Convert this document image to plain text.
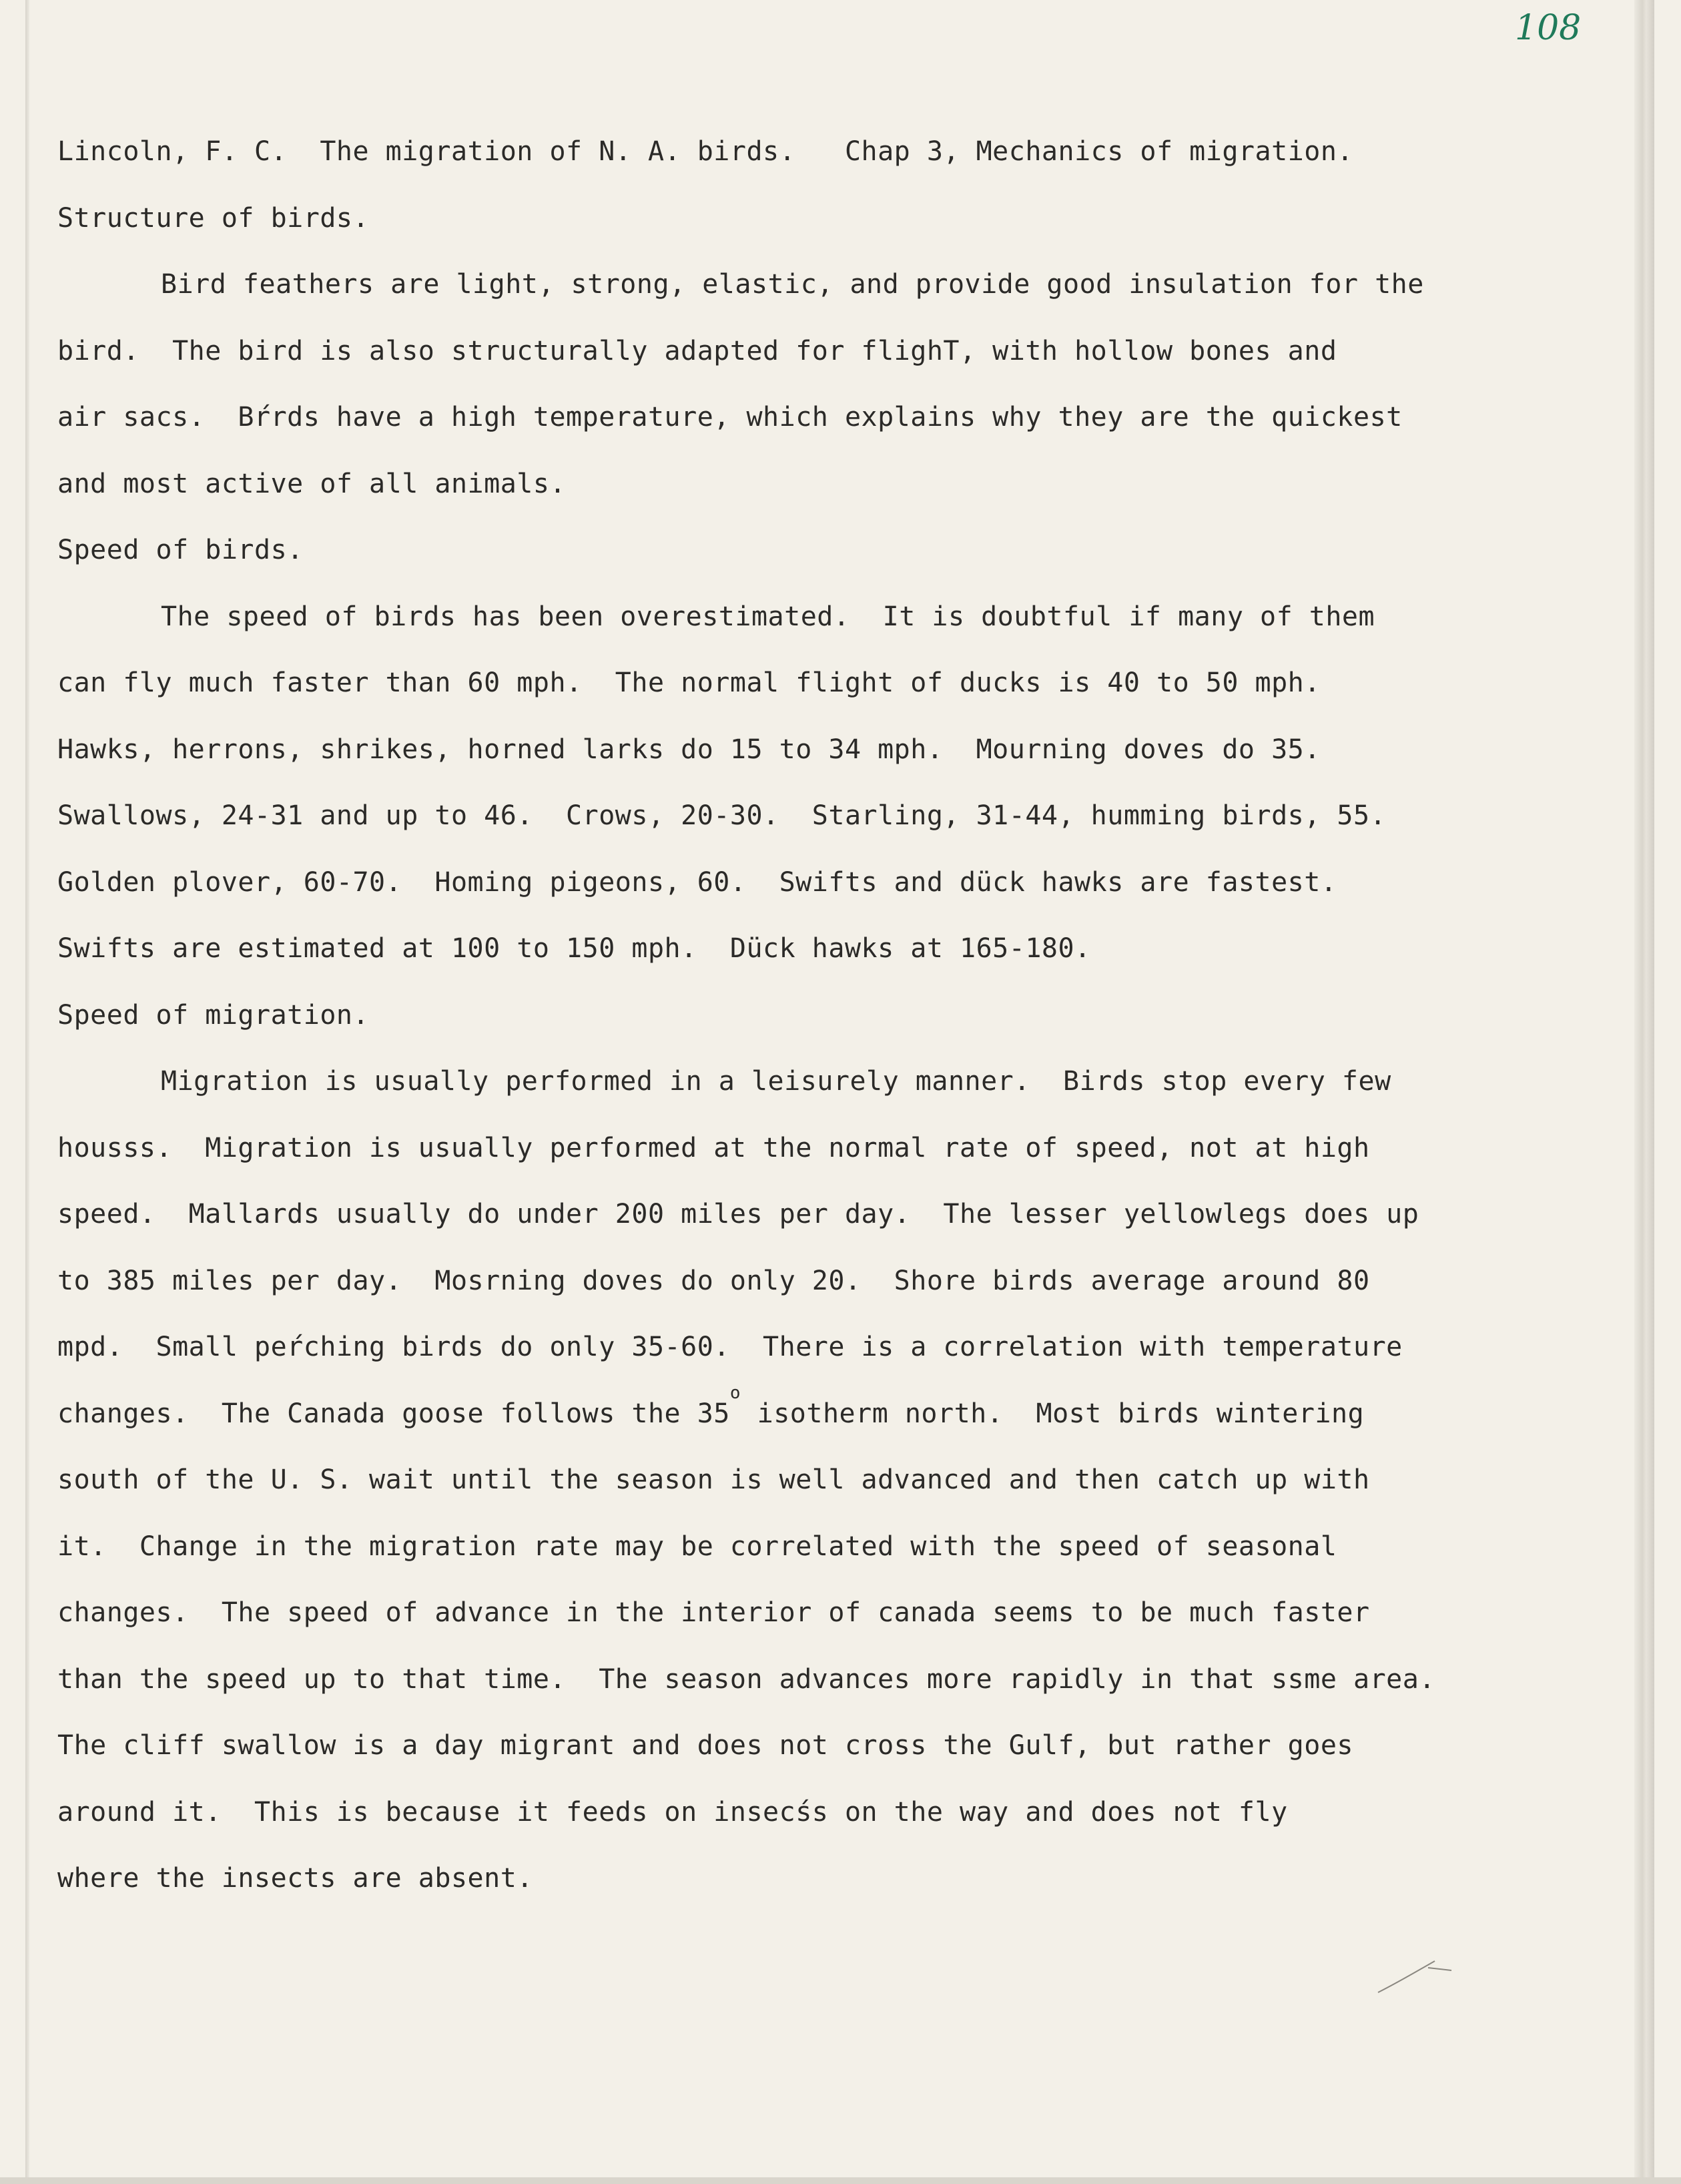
108
Lincoln, F. C.  The migration of N. A. birds.   Chap 3, Mechanics of migration.
Structure of birds.
Bird feathers are light, strong, elastic, and provide good insulation for the
bird.  The bird is also structurally adapted for flighT, with hollow bones and
air sacs.  Bŕrds have a high temperature, which explains why they are the quickest
and most active of all animals.
Speed of birds.
The speed of birds has been overestimated.  It is doubtful if many of them
can fly much faster than 60 mph.  The normal flight of ducks is 40 to 50 mph.
Hawks, herrons, shrikes, horned larks do 15 to 34 mph.  Mourning doves do 35.
Swallows, 24-31 and up to 46.  Crows, 20-30.  Starling, 31-44, humming birds, 55.
Golden plover, 60-70.  Homing pigeons, 60.  Swifts and dück hawks are fastest.
Swifts are estimated at 100 to 150 mph.  Dück hawks at 165-180.
Speed of migration.
Migration is usually performed in a leisurely manner.  Birds stop every few
housss.  Migration is usually performed at the normal rate of speed, not at high
speed.  Mallards usually do under 200 miles per day.  The lesser yellowlegs does up
to 385 miles per day.  Mosrning doves do only 20.  Shore birds average around 80
mpd.  Small peŕching birds do only 35-60.  There is a correlation with temperature
changes.  The Canada goose follows the 35$^o$ isotherm north.  Most birds wintering
south of the U. S. wait until the season is well advanced and then catch up with
it.  Change in the migration rate may be correlated with the speed of seasonal
changes.  The speed of advance in the interior of canada seems to be much faster
than the speed up to that time.  The season advances more rapidly in that ssme area.
The cliff swallow is a day migrant and does not cross the Gulf, but rather goes
around it.  This is because it feeds on insecśs on the way and does not fly
where the insects are absent.
